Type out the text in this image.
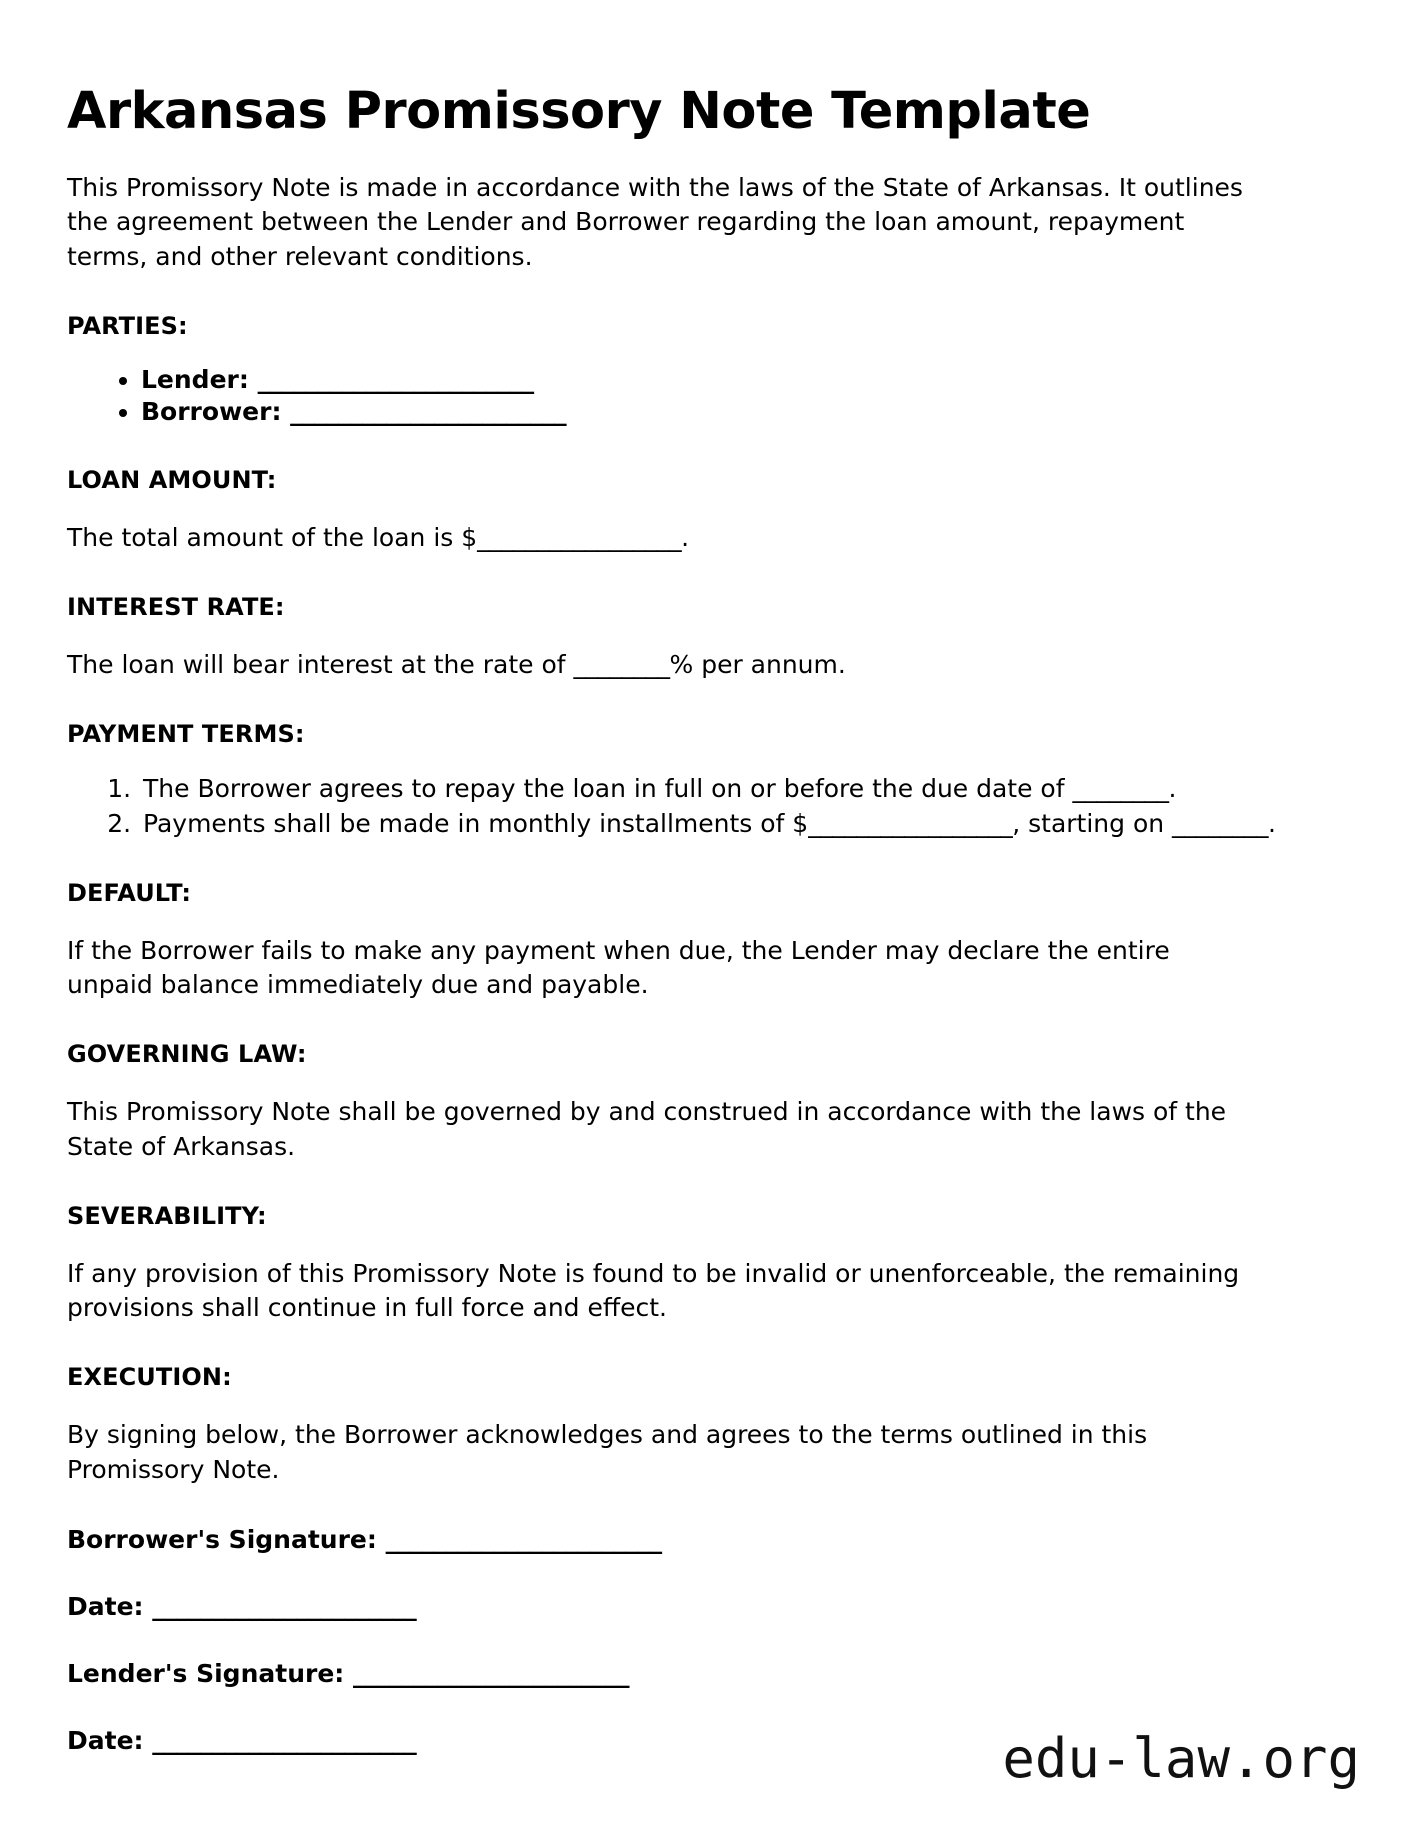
Arkansas Promissory Note Template

This Promissory Note is made in accordance with the laws of the State of Arkansas. It outlines the agreement between the Lender and Borrower regarding the loan amount, repayment terms, and other relevant conditions.

PARTIES:
• Lender: _______________________
• Borrower: _______________________
LOAN AMOUNT:

The total amount of the loan is $_________________.

INTEREST RATE:

The loan will bear interest at the rate of ________% per annum.

PAYMENT TERMS:
1. The Borrower agrees to repay the loan in full on or before the due date of ________.
2. Payments shall be made in monthly installments of $_________________, starting on ________.
DEFAULT:

If the Borrower fails to make any payment when due, the Lender may declare the entire unpaid balance immediately due and payable.

GOVERNING LAW:

This Promissory Note shall be governed by and construed in accordance with the laws of the State of Arkansas.

SEVERABILITY:

If any provision of this Promissory Note is found to be invalid or unenforceable, the remaining provisions shall continue in full force and effect.

EXECUTION:

By signing below, the Borrower acknowledges and agrees to the terms outlined in this Promissory Note.

Borrower's Signature: _______________________

Date: ______________________

Lender's Signature: _______________________

Date: ______________________	edu-law.org
